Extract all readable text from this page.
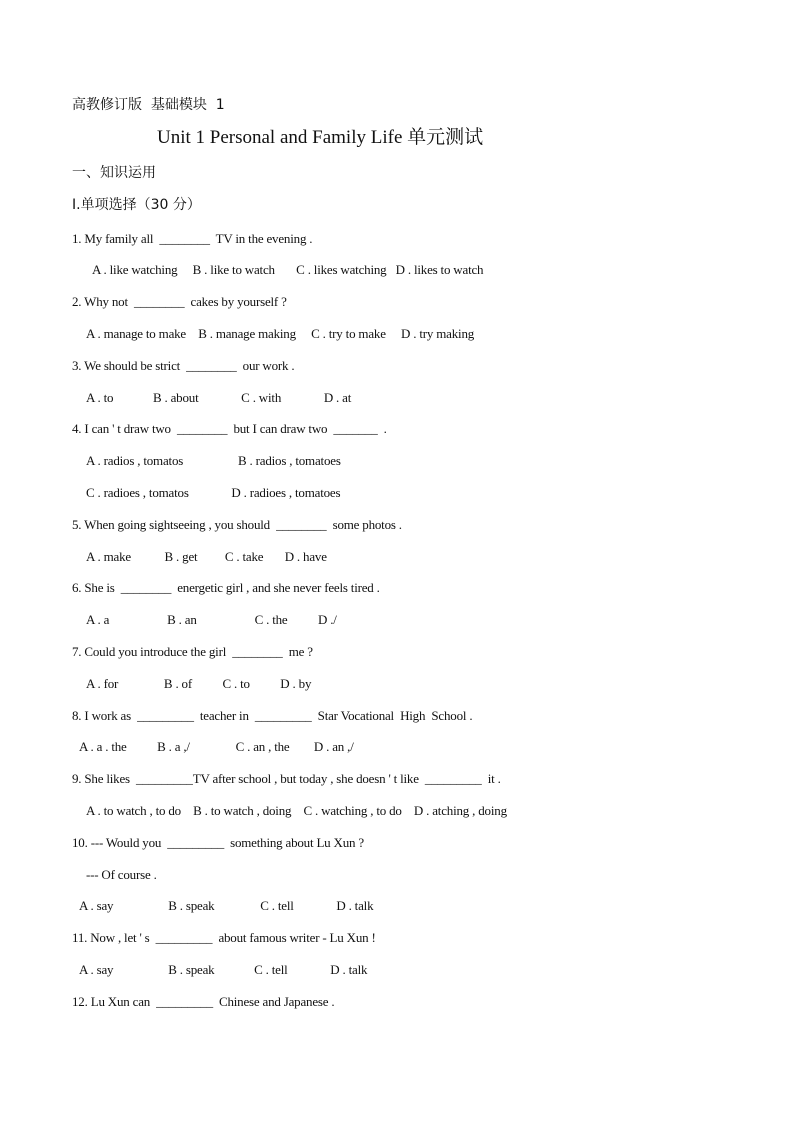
高教修订版  基础模块  1
Unit 1 Personal and Family Life 单元测试
一、知识运用
I.单项选择（30 分）
1. My family all  ________  TV in the evening .
A . like watching     B . like to watch       C . likes watching   D . likes to watch
2. Why not  ________  cakes by yourself ?
A . manage to make    B . manage making     C . try to make     D . try making
3. We should be strict  ________  our work .
A . to             B . about              C . with              D . at
4. I can ' t draw two  ________  but I can draw two  _______  .
A . radios , tomatos                  B . radios , tomatoes
C . radioes , tomatos              D . radioes , tomatoes
5. When going sightseeing , you should  ________  some photos .
A . make           B . get         C . take       D . have
6. She is  ________  energetic girl , and she never feels tired .
A . a                   B . an                   C . the          D ./
7. Could you introduce the girl  ________  me ?
A . for               B . of          C . to          D . by
8. I work as  _________  teacher in  _________  Star Vocational  High  School .
A . a . the          B . a ,/               C . an , the        D . an ,/
9. She likes  _________TV after school , but today , she doesn ' t like  _________  it .
A . to watch , to do    B . to watch , doing    C . watching , to do    D . atching , doing
10. --- Would you  _________  something about Lu Xun ?
--- Of course .
A . say                  B . speak               C . tell              D . talk
11. Now , let ' s  _________  about famous writer - Lu Xun !
A . say                  B . speak             C . tell              D . talk
12. Lu Xun can  _________  Chinese and Japanese .
